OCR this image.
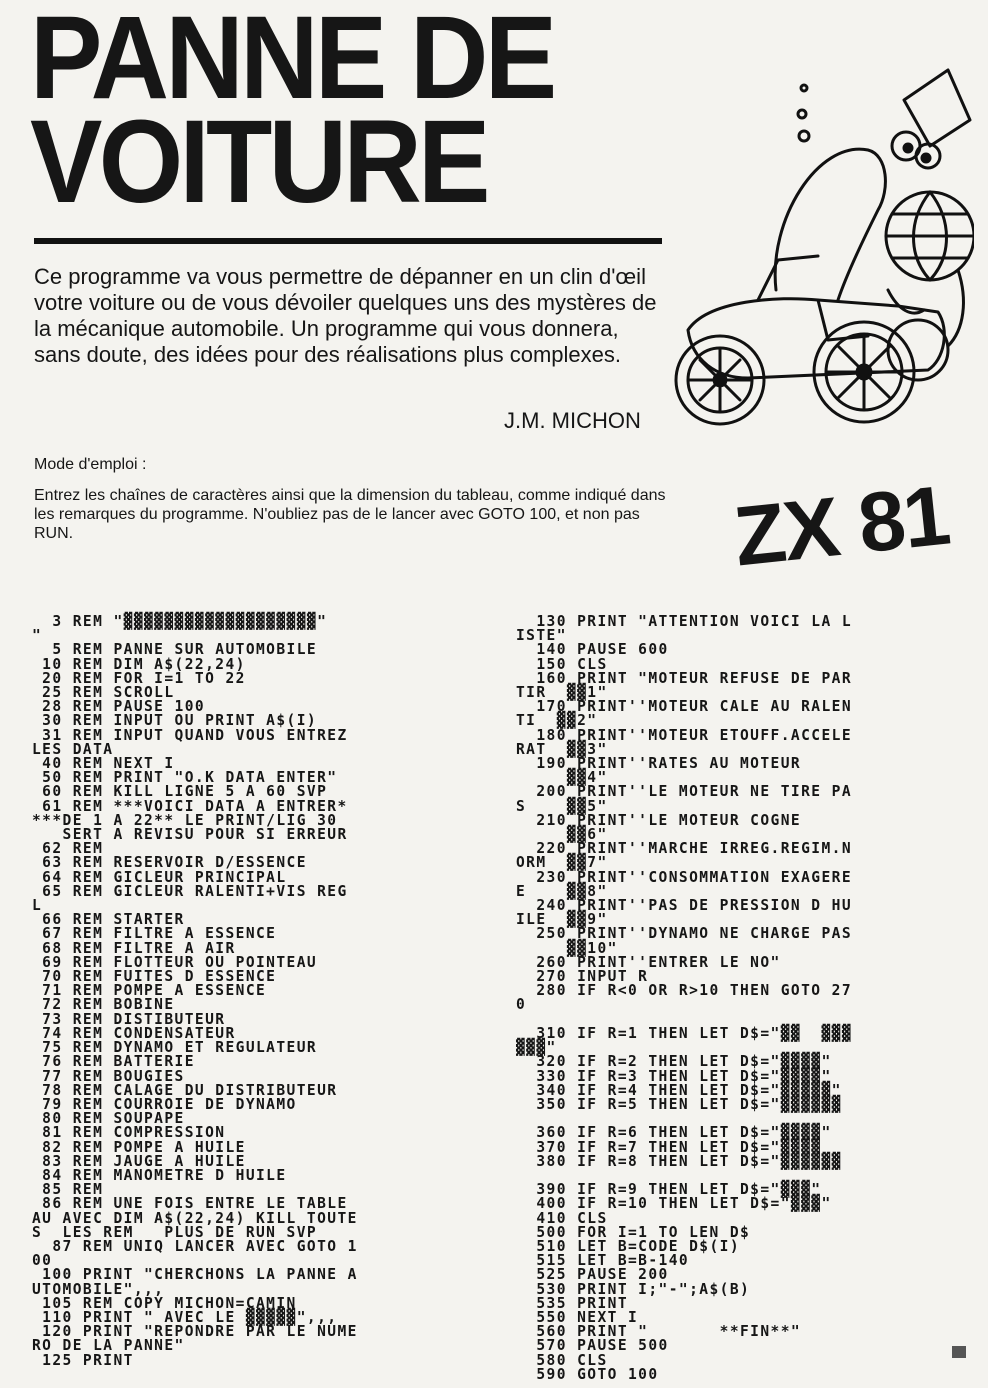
PANNE DE
VOITURE

Ce programme va vous permettre de dépanner en un clin d'œil votre voiture ou de vous dévoiler quelques uns des mystères de la mécanique automobile. Un programme qui vous donnera, sans doute, des idées pour des réalisations plus complexes.

J.M. MICHON
Mode d'emploi :

Entrez les chaînes de caractères ainsi que la dimension du tableau, comme indiqué dans les remarques du programme. N'oubliez pas de le lancer avec GOTO 100, et non pas RUN.	ZX 81
3 REM "▓▓▓▓▓▓▓▓▓▓▓▓▓▓▓▓▓▓▓"
"
5 REM PANNE SUR AUTOMOBILE
10 REM DIM A$(22,24)
20 REM FOR I=1 TO 22
25 REM SCROLL
28 REM PAUSE 100
30 REM INPUT OU PRINT A$(I)
31 REM INPUT QUAND VOUS ENTREZ
LES DATA
40 REM NEXT I
50 REM PRINT "O.K DATA ENTER"
60 REM KILL LIGNE 5 A 60 SVP
61 REM ***VOICI DATA A ENTRER*
***DE 1 A 22** LE PRINT/LIG 30
SERT A REVISU POUR SI ERREUR
62 REM
63 REM RESERVOIR D/ESSENCE
64 REM GICLEUR PRINCIPAL
65 REM GICLEUR RALENTI+VIS REG
L
66 REM STARTER
67 REM FILTRE A ESSENCE
68 REM FILTRE A AIR
69 REM FLOTTEUR OU POINTEAU
70 REM FUITES D ESSENCE
71 REM POMPE A ESSENCE
72 REM BOBINE
73 REM DISTIBUTEUR
74 REM CONDENSATEUR
75 REM DYNAMO ET REGULATEUR
76 REM BATTERIE
77 REM BOUGIES
78 REM CALAGE DU DISTRIBUTEUR
79 REM COURROIE DE DYNAMO
80 REM SOUPAPE
81 REM COMPRESSION
82 REM POMPE A HUILE
83 REM JAUGE A HUILE
84 REM MANOMETRE D HUILE
85 REM
86 REM UNE FOIS ENTRE LE TABLE
AU AVEC DIM A$(22,24) KILL TOUTE
S  LES REM   PLUS DE RUN SVP
87 REM UNIQ LANCER AVEC GOTO 1
00
100 PRINT "CHERCHONS LA PANNE A
UTOMOBILE",,,
105 REM COPY MICHON=CAMIN
110 PRINT " AVEC LE ▓▓▓▓▓",,,
120 PRINT "REPONDRE PAR LE NUME
RO DE LA PANNE"
125 PRINT
130 PRINT "ATTENTION VOICI LA L
ISTE"
140 PAUSE 600
150 CLS
160 PRINT "MOTEUR REFUSE DE PAR
TIR  ▓▓1"
170 PRINT''MOTEUR CALE AU RALEN
TI  ▓▓2"
180 PRINT''MOTEUR ETOUFF.ACCELE
RAT  ▓▓3"
190 PRINT''RATES AU MOTEUR
▓▓4"
200 PRINT''LE MOTEUR NE TIRE PA
S    ▓▓5"
210 PRINT''LE MOTEUR COGNE
▓▓6"
220 PRINT''MARCHE IRREG.REGIM.N
ORM  ▓▓7"
230 PRINT''CONSOMMATION EXAGERE
E    ▓▓8"
240 PRINT''PAS DE PRESSION D HU
ILE  ▓▓9"
250 PRINT''DYNAMO NE CHARGE PAS
▓▓10"
260 PRINT''ENTRER LE NO"
270 INPUT R
280 IF R<0 OR R>10 THEN GOTO 27
0

310 IF R=1 THEN LET D$="▓▓  ▓▓▓
▓▓▓"
320 IF R=2 THEN LET D$="▓▓▓▓"
330 IF R=3 THEN LET D$="▓▓▓▓"
340 IF R=4 THEN LET D$="▓▓▓▓▓"
350 IF R=5 THEN LET D$="▓▓▓▓▓▓

360 IF R=6 THEN LET D$="▓▓▓▓"
370 IF R=7 THEN LET D$="▓▓▓▓
380 IF R=8 THEN LET D$="▓▓▓▓▓▓

390 IF R=9 THEN LET D$="▓▓▓"
400 IF R=10 THEN LET D$="▓▓▓"
410 CLS
500 FOR I=1 TO LEN D$
510 LET B=CODE D$(I)
515 LET B=B-140
525 PAUSE 200
530 PRINT I;"-";A$(B)
535 PRINT
550 NEXT I
560 PRINT "       **FIN**"
570 PAUSE 500
580 CLS
590 GOTO 100
